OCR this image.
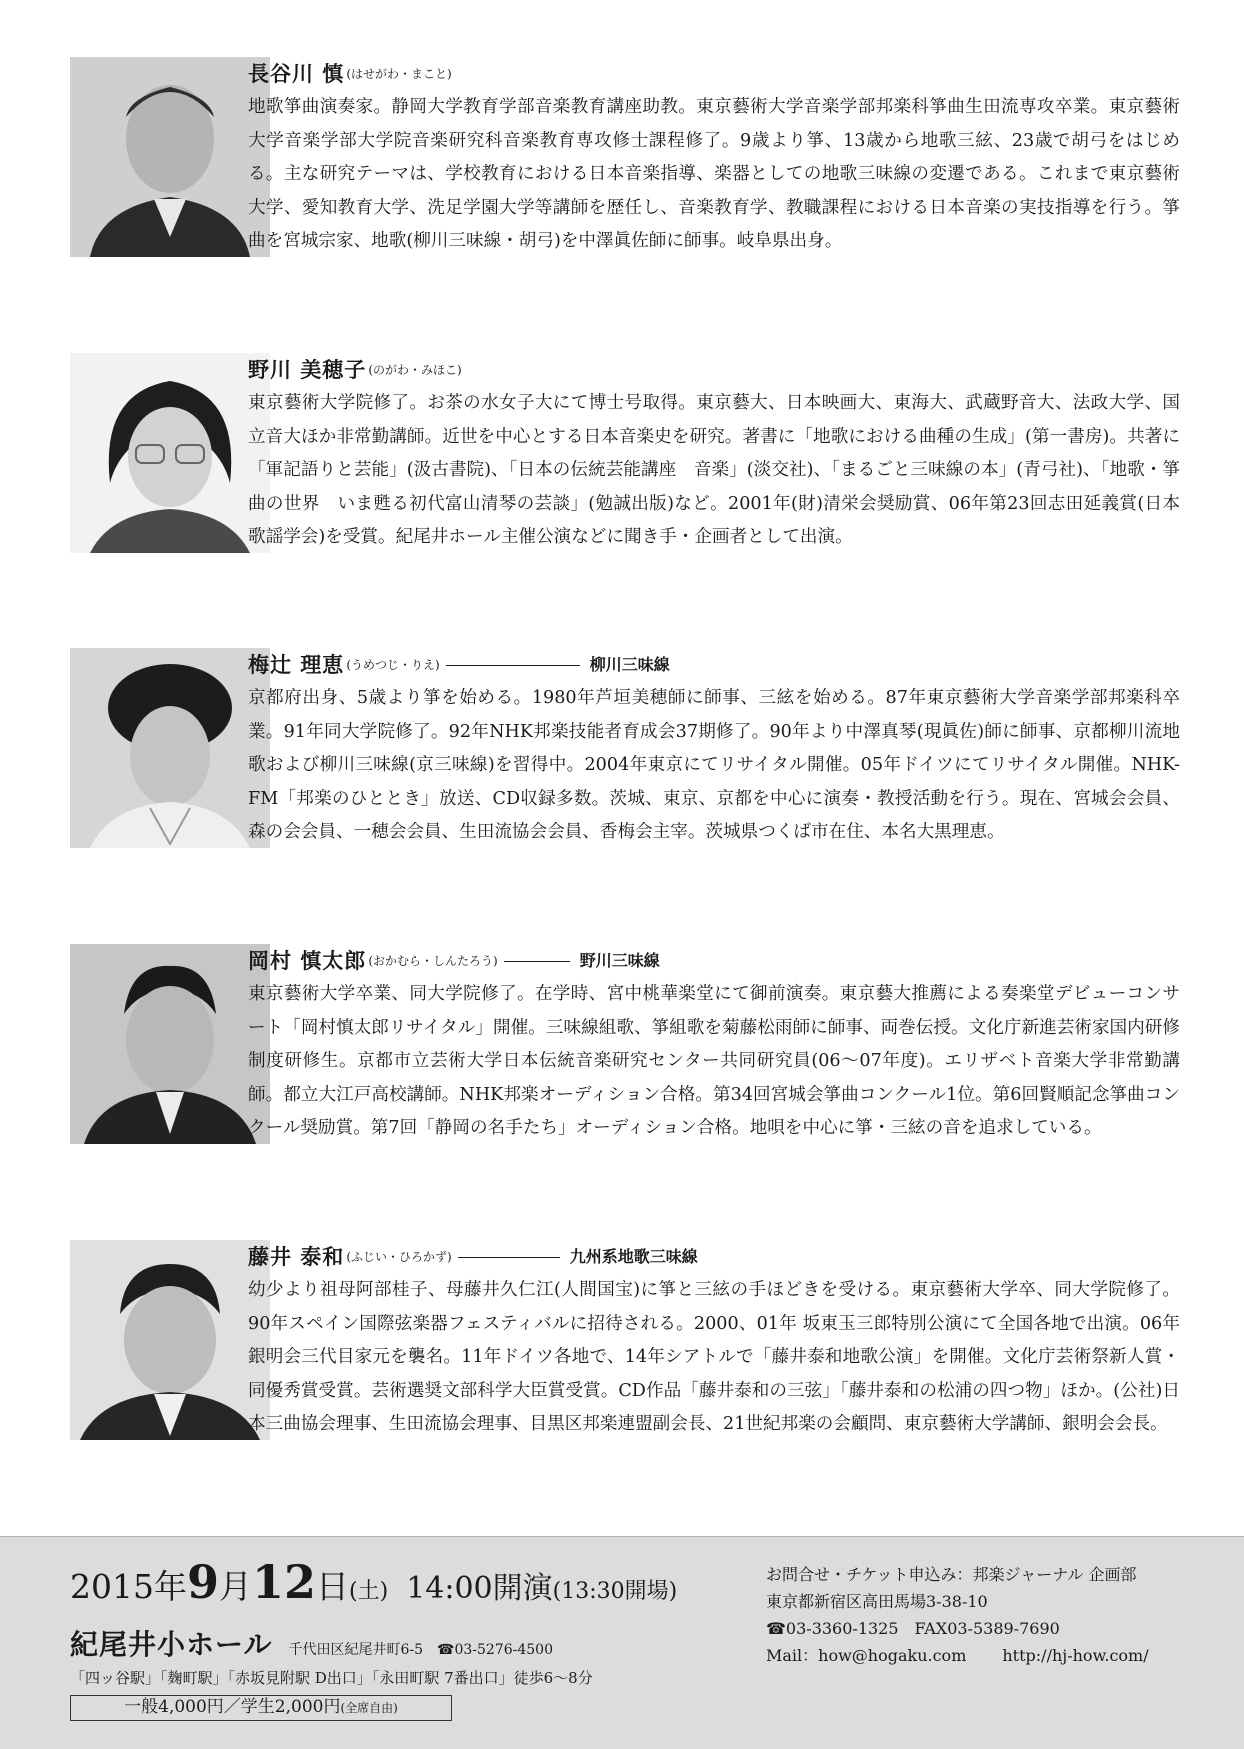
長谷川 慎 (はせがわ・まこと)

地歌箏曲演奏家。静岡大学教育学部音楽教育講座助教。東京藝術大学音楽学部邦楽科箏曲生田流専攻卒業。東京藝術大学音楽学部大学院音楽研究科音楽教育専攻修士課程修了。9歳より箏、13歳から地歌三絃、23歳で胡弓をはじめる。主な研究テーマは、学校教育における日本音楽指導、楽器としての地歌三味線の変遷である。これまで東京藝術大学、愛知教育大学、洗足学園大学等講師を歴任し、音楽教育学、教職課程における日本音楽の実技指導を行う。箏曲を宮城宗家、地歌(柳川三味線・胡弓)を中澤眞佐師に師事。岐阜県出身。

野川 美穂子 (のがわ・みほこ)

東京藝術大学院修了。お茶の水女子大にて博士号取得。東京藝大、日本映画大、東海大、武蔵野音大、法政大学、国立音大ほか非常勤講師。近世を中心とする日本音楽史を研究。著書に「地歌における曲種の生成」(第一書房)。共著に「軍記語りと芸能」(汲古書院)、「日本の伝統芸能講座　音楽」(淡交社)、「まるごと三味線の本」(青弓社)、「地歌・箏曲の世界　いま甦る初代富山清琴の芸談」(勉誠出版)など。2001年(財)清栄会奨励賞、06年第23回志田延義賞(日本歌謡学会)を受賞。紀尾井ホール主催公演などに聞き手・企画者として出演。

梅辻 理恵 (うめつじ・りえ)	柳川三味線

京都府出身、5歳より箏を始める。1980年芦垣美穂師に師事、三絃を始める。87年東京藝術大学音楽学部邦楽科卒業。91年同大学院修了。92年NHK邦楽技能者育成会37期修了。90年より中澤真琴(現眞佐)師に師事、京都柳川流地歌および柳川三味線(京三味線)を習得中。2004年東京にてリサイタル開催。05年ドイツにてリサイタル開催。NHK-FM「邦楽のひととき」放送、CD収録多数。茨城、東京、京都を中心に演奏・教授活動を行う。現在、宮城会会員、森の会会員、一穂会会員、生田流協会会員、香梅会主宰。茨城県つくば市在住、本名大黒理恵。

岡村 慎太郎 (おかむら・しんたろう)	野川三味線

東京藝術大学卒業、同大学院修了。在学時、宮中桃華楽堂にて御前演奏。東京藝大推薦による奏楽堂デビューコンサート「岡村慎太郎リサイタル」開催。三味線組歌、箏組歌を菊藤松雨師に師事、両巻伝授。文化庁新進芸術家国内研修制度研修生。京都市立芸術大学日本伝統音楽研究センター共同研究員(06〜07年度)。エリザベト音楽大学非常勤講師。都立大江戸高校講師。NHK邦楽オーディション合格。第34回宮城会箏曲コンクール1位。第6回賢順記念箏曲コンクール奨励賞。第7回「静岡の名手たち」オーディション合格。地唄を中心に箏・三絃の音を追求している。

藤井 泰和 (ふじい・ひろかず)	九州系地歌三味線

幼少より祖母阿部桂子、母藤井久仁江(人間国宝)に箏と三絃の手ほどきを受ける。東京藝術大学卒、同大学院修了。90年スペイン国際弦楽器フェスティバルに招待される。2000、01年 坂東玉三郎特別公演にて全国各地で出演。06年銀明会三代目家元を襲名。11年ドイツ各地で、14年シアトルで「藤井泰和地歌公演」を開催。文化庁芸術祭新人賞・同優秀賞受賞。芸術選奨文部科学大臣賞受賞。CD作品「藤井泰和の三弦」「藤井泰和の松浦の四つ物」ほか。(公社)日本三曲協会理事、生田流協会理事、目黒区邦楽連盟副会長、21世紀邦楽の会顧問、東京藝術大学講師、銀明会会長。

2015年 9 月 12 日 (土) 14:00開演 (13:30開場)
紀尾井小ホール 千代田区紀尾井町6-5 ☎03-5276-4500
「四ッ谷駅」「麹町駅」「赤坂見附駅 D出口」「永田町駅 7番出口」徒歩6〜8分
一般4,000円／学生2,000円(全席自由)
お問合せ・チケット申込み：邦楽ジャーナル 企画部
東京都新宿区高田馬場3-38-10
☎03-3360-1325　FAX03-5389-7690
Mail：how@hogaku.com http://hj-how.com/
